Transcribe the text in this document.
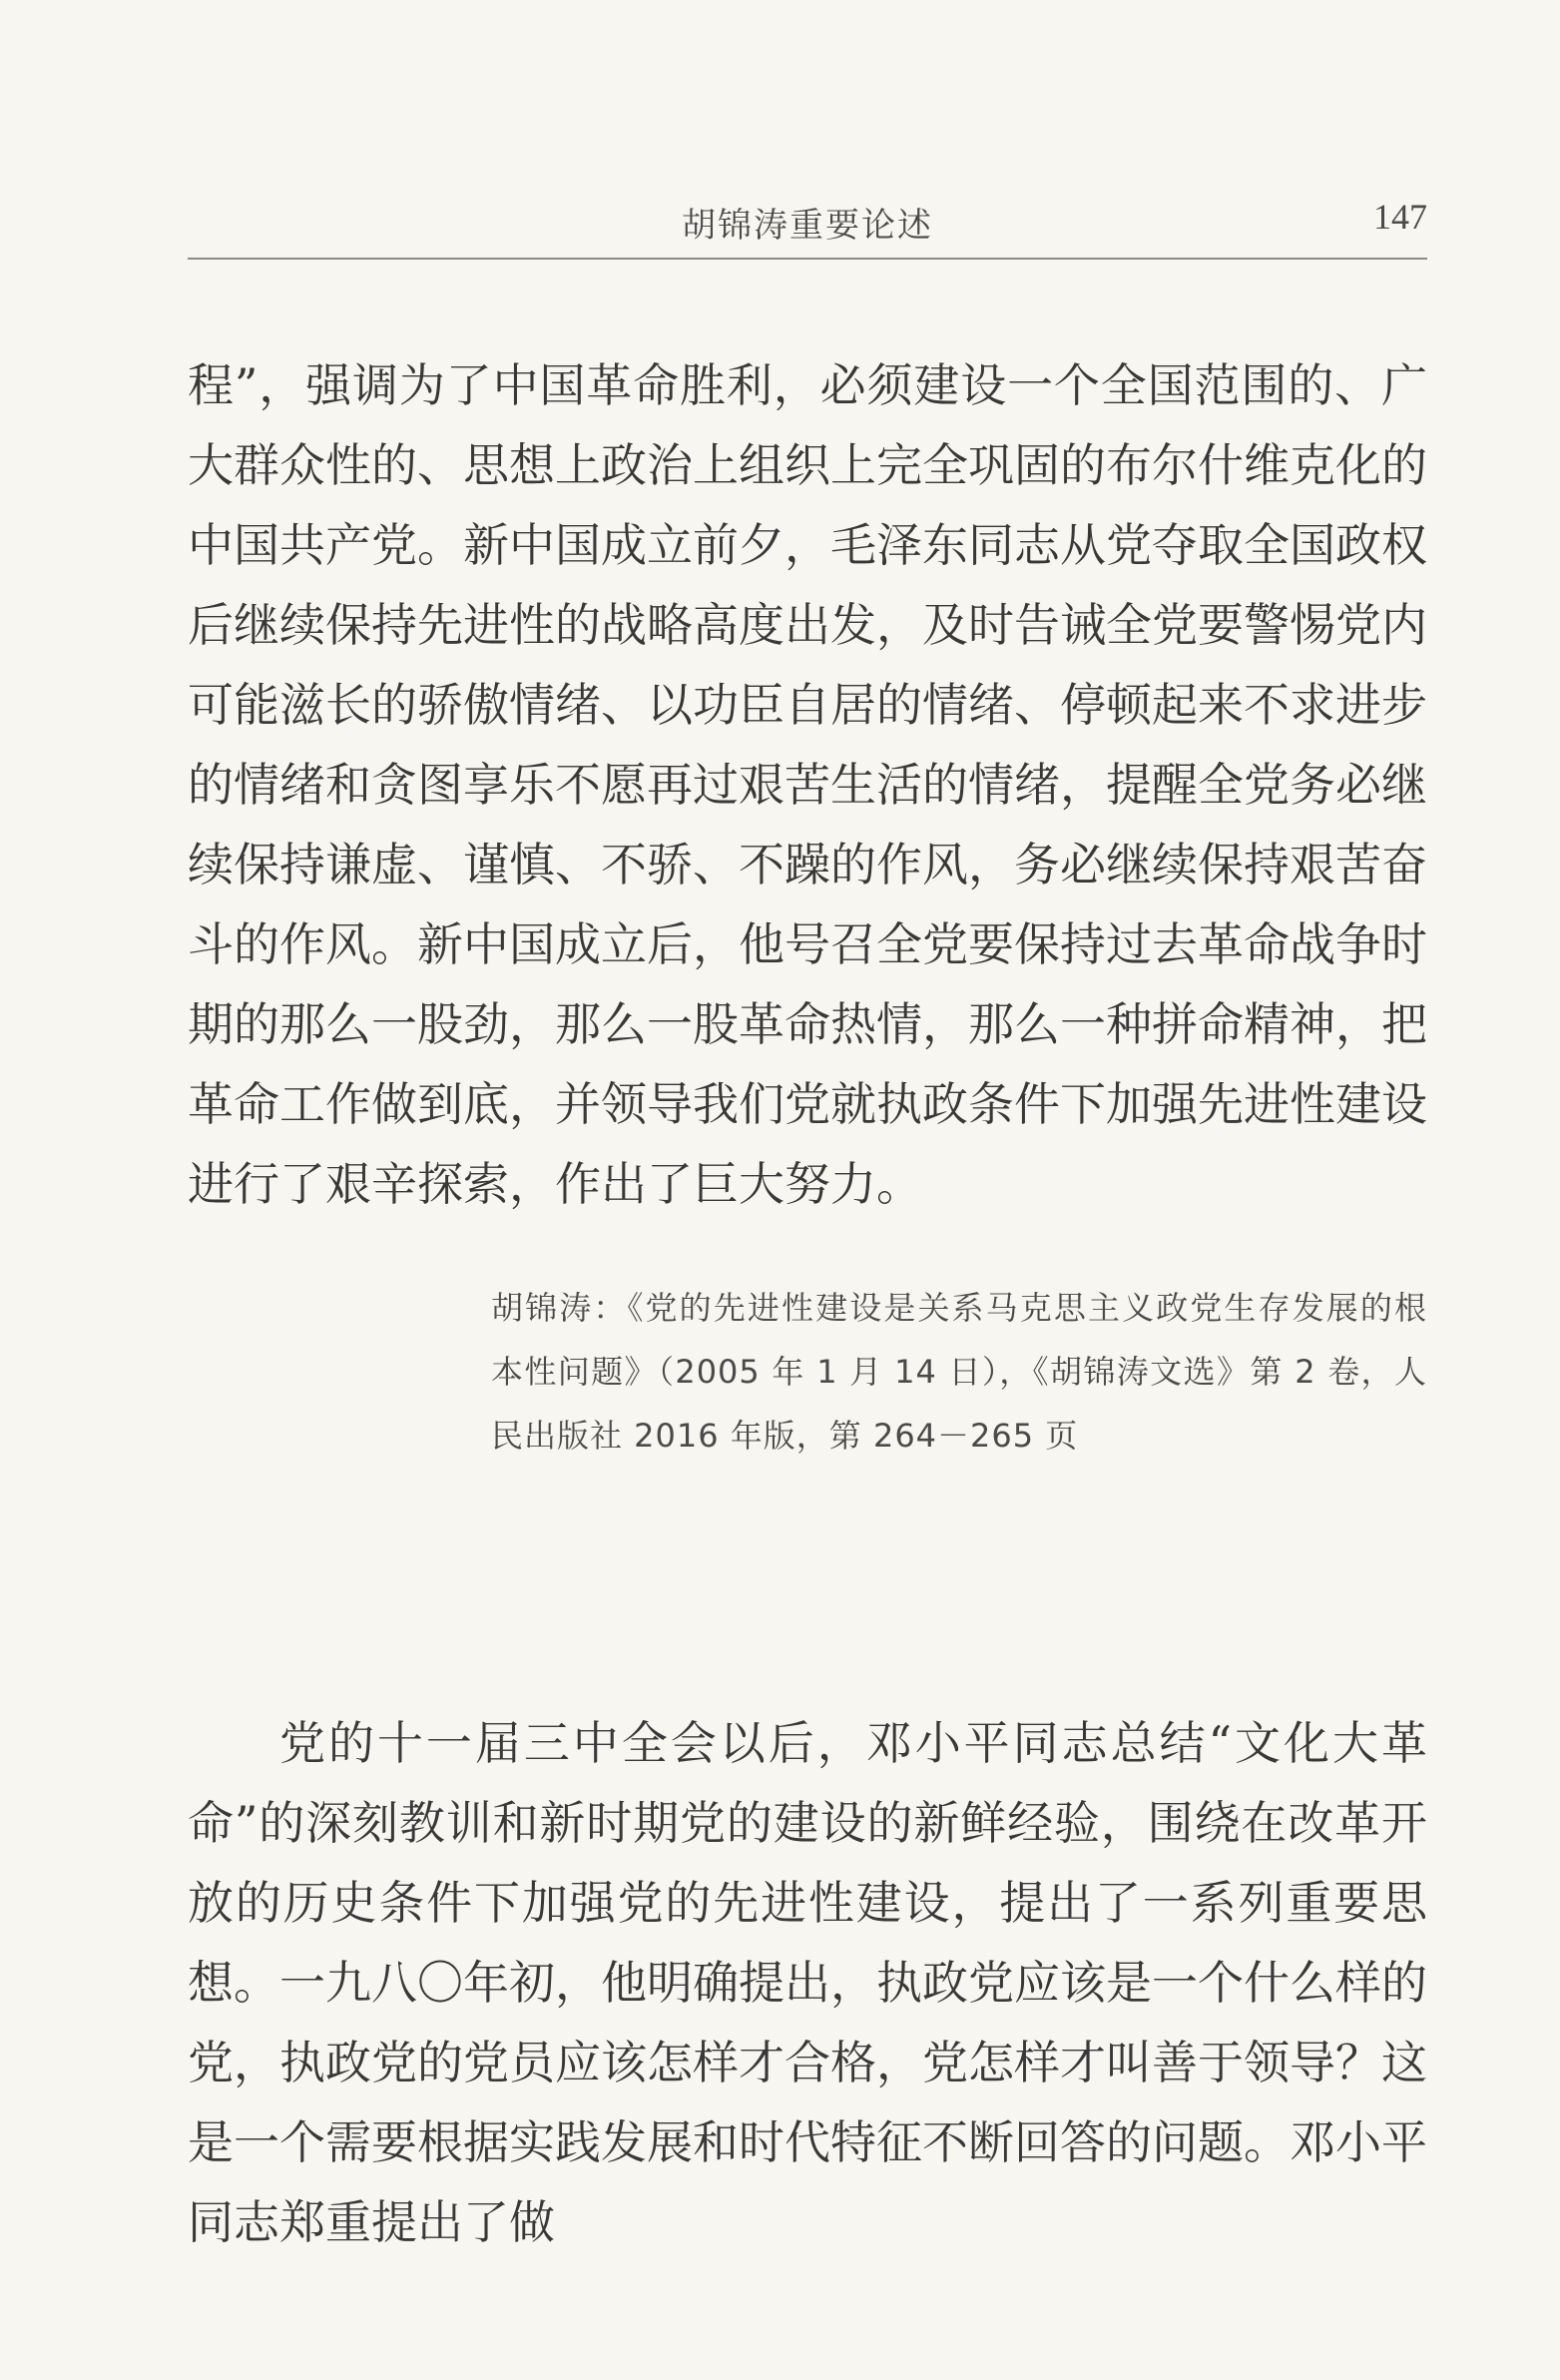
胡锦涛重要论述	147

程”，强调为了中国革命胜利，必须建设一个全国范围的、广大群众性的、思想上政治上组织上完全巩固的布尔什维克化的中国共产党。新中国成立前夕，毛泽东同志从党夺取全国政权后继续保持先进性的战略高度出发，及时告诫全党要警惕党内可能滋长的骄傲情绪、以功臣自居的情绪、停顿起来不求进步的情绪和贪图享乐不愿再过艰苦生活的情绪，提醒全党务必继续保持谦虚、谨慎、不骄、不躁的作风，务必继续保持艰苦奋斗的作风。新中国成立后，他号召全党要保持过去革命战争时期的那么一股劲，那么一股革命热情，那么一种拼命精神，把革命工作做到底，并领导我们党就执政条件下加强先进性建设进行了艰辛探索，作出了巨大努力。

胡锦涛：《党的先进性建设是关系马克思主义政党生存发展的根本性问题》（2005 年 1 月 14 日），《胡锦涛文选》第 2 卷，人民出版社 2016 年版，第 264－265 页

党的十一届三中全会以后，邓小平同志总结“文化大革命”的深刻教训和新时期党的建设的新鲜经验，围绕在改革开放的历史条件下加强党的先进性建设，提出了一系列重要思想。一九八〇年初，他明确提出，执政党应该是一个什么样的党，执政党的党员应该怎样才合格，党怎样才叫善于领导？这是一个需要根据实践发展和时代特征不断回答的问题。邓小平同志郑重提出了做
